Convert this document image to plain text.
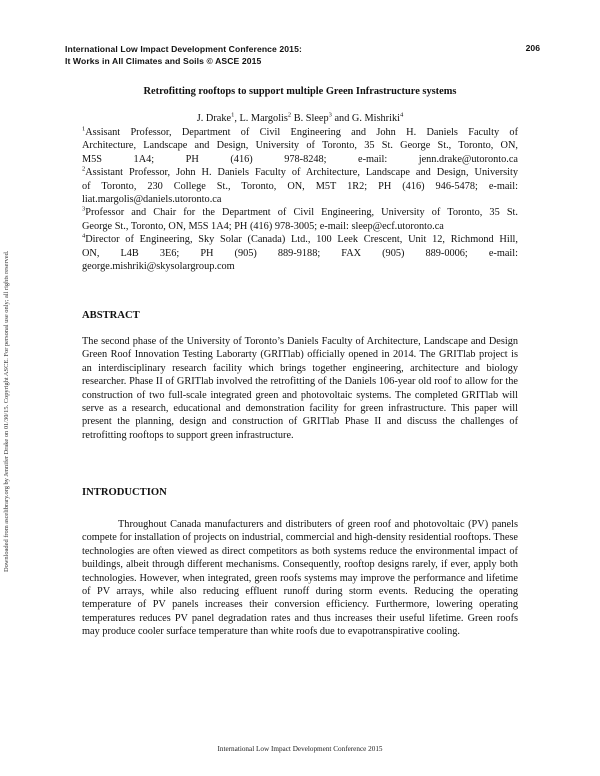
International Low Impact Development Conference 2015:
It Works in All Climates and Soils © ASCE 2015
206
Downloaded from ascelibrary.org by Jennifer Drake on 01/30/15. Copyright ASCE. For personal use only; all rights reserved.
Retrofitting rooftops to support multiple Green Infrastructure systems
J. Drake$^1$, L. Margolis$^2$ B. Sleep$^3$ and G. Mishriki$^4$
$^1$Assisant Professor, Department of Civil Engineering and John H. Daniels Faculty of
Architecture, Landscape and Design, University of Toronto, 35 St. George St., Toronto, ON,
M5S 1A4; PH (416) 978-8248; e-mail: jenn.drake@utoronto.ca
$^2$Assistant Professor, John H. Daniels Faculty of Architecture, Landscape and Design, University
of Toronto, 230 College St., Toronto, ON, M5T 1R2; PH (416) 946-5478; e-mail:
liat.margolis@daniels.utoronto.ca
$^3$Professor and Chair for the Department of Civil Engineering, University of Toronto, 35 St.
George St., Toronto, ON, M5S 1A4; PH (416) 978-3005; e-mail: sleep@ecf.utoronto.ca
$^4$Director of Engineering, Sky Solar (Canada) Ltd., 100 Leek Crescent, Unit 12, Richmond Hill,
ON, L4B 3E6; PH (905) 889-9188; FAX (905) 889-0006; e-mail:
george.mishriki@skysolargroup.com
ABSTRACT
The second phase of the University of Toronto’s Daniels Faculty of Architecture, Landscape and Design Green Roof Innovation Testing Laborarty (GRITlab) officially opened in 2014. The GRITlab project is an interdisciplinary research facility which brings together engineering, architecture and biology researcher. Phase II of GRITlab involved the retrofitting of the Daniels 106-year old roof to allow for the construction of two full-scale integrated green and photovoltaic systems. The completed GRITlab will serve as a research, educational and demonstration facility for green infrastructure. This paper will present the planning, design and construction of GRITlab Phase II and discuss the challenges of retrofitting rooftops to support green infrastructure.
INTRODUCTION
Throughout Canada manufacturers and distributers of green roof and photovoltaic (PV) panels compete for installation of projects on industrial, commercial and high-density residential rooftops. These technologies are often viewed as direct competitors as both systems reduce the environmental impact of buildings, albeit through different mechanisms. Consequently, rooftop designs rarely, if ever, apply both technologies. However, when integrated, green roofs systems may improve the performance and lifetime of PV arrays, while also reducing effluent runoff during storm events. Reducing the operating temperature of PV panels increases their conversion efficiency. Furthermore, lowering operating temperatures reduces PV panel degradation rates and thus increases their useful lifetime. Green roofs may produce cooler surface temperature than white roofs due to evapotranspirative cooling.
International Low Impact Development Conference 2015
